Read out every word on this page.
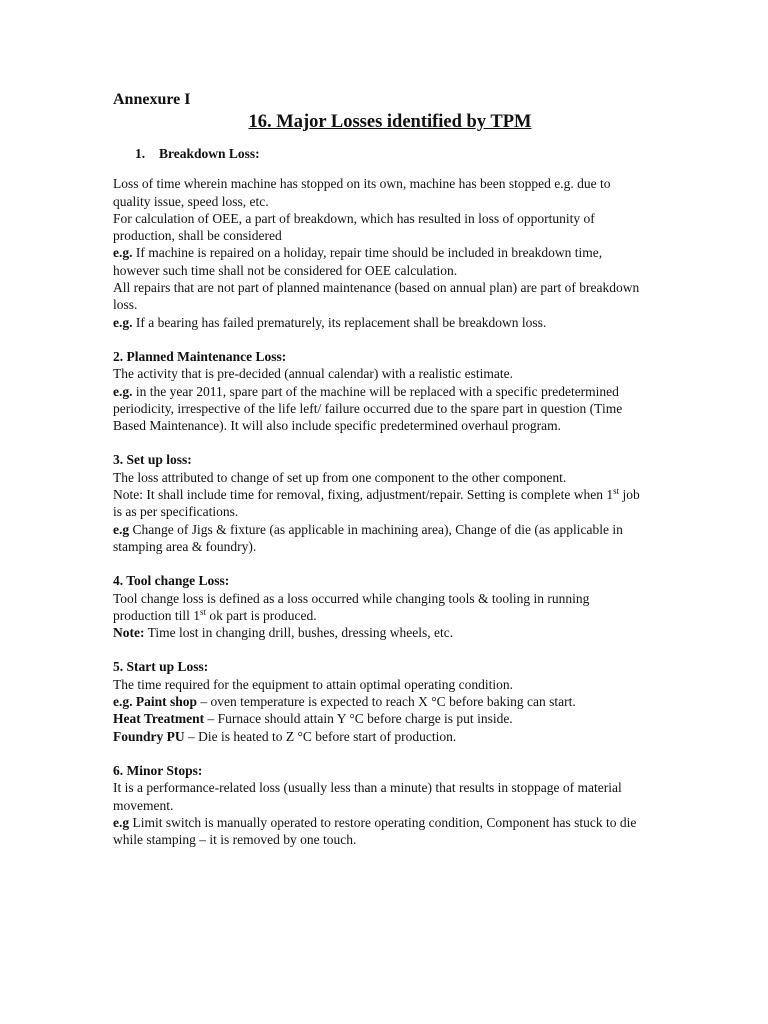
Annexure I

16. Major Losses identified by TPM
1. Breakdown Loss:

Loss of time wherein machine has stopped on its own, machine has been stopped e.g. due to quality issue, speed loss, etc.

For calculation of OEE, a part of breakdown, which has resulted in loss of opportunity of production, shall be considered

e.g. If machine is repaired on a holiday, repair time should be included in breakdown time, however such time shall not be considered for OEE calculation.

All repairs that are not part of planned maintenance (based on annual plan) are part of breakdown loss.

e.g. If a bearing has failed prematurely, its replacement shall be breakdown loss.

2. Planned Maintenance Loss:

The activity that is pre-decided (annual calendar) with a realistic estimate.

e.g. in the year 2011, spare part of the machine will be replaced with a specific predetermined periodicity, irrespective of the life left/ failure occurred due to the spare part in question (Time Based Maintenance). It will also include specific predetermined overhaul program.

3. Set up loss:

The loss attributed to change of set up from one component to the other component.

Note: It shall include time for removal, fixing, adjustment/repair. Setting is complete when 1st job is as per specifications.

e.g Change of Jigs & fixture (as applicable in machining area), Change of die (as applicable in stamping area & foundry).

4. Tool change Loss:

Tool change loss is defined as a loss occurred while changing tools & tooling in running production till 1st ok part is produced.

Note: Time lost in changing drill, bushes, dressing wheels, etc.

5. Start up Loss:

The time required for the equipment to attain optimal operating condition.

e.g. Paint shop – oven temperature is expected to reach X °C before baking can start.

Heat Treatment – Furnace should attain Y °C before charge is put inside.

Foundry PU – Die is heated to Z °C before start of production.

6. Minor Stops:

It is a performance-related loss (usually less than a minute) that results in stoppage of material movement.

e.g Limit switch is manually operated to restore operating condition, Component has stuck to die while stamping – it is removed by one touch.
